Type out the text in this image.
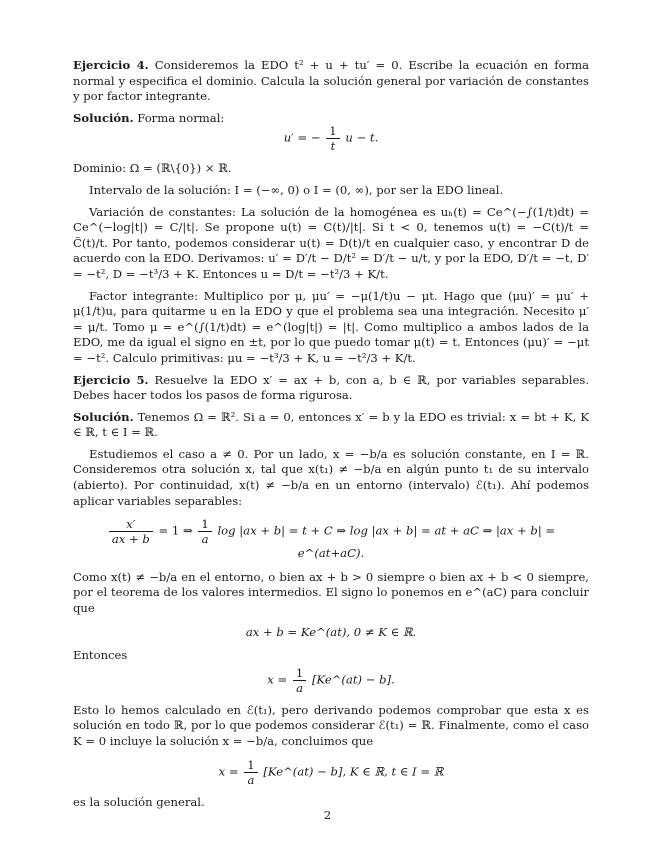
Ejercicio 4. Consideremos la EDO t² + u + tu′ = 0. Escribe la ecuación en forma normal y especifica el dominio. Calcula la solución general por variación de constantes y por factor integrante.

Solución. Forma normal:

u′ = − $\frac{1}{t}$ u − t.

Dominio: Ω = (ℝ\{0}) × ℝ.

Intervalo de la solución: I = (−∞, 0) o I = (0, ∞), por ser la EDO lineal.

Variación de constantes: La solución de la homogénea es uₕ(t) = Ce^(−∫(1/t)dt) = Ce^(−log|t|) = C/|t|. Se propone u(t) = C(t)/|t|. Si t < 0, tenemos u(t) = −C(t)/t = C̃(t)/t. Por tanto, podemos considerar u(t) = D(t)/t en cualquier caso, y encontrar D de acuerdo con la EDO. Derivamos: u′ = D′/t − D/t² = D′/t − u/t, y por la EDO, D′/t = −t, D′ = −t², D = −t³/3 + K. Entonces u = D/t = −t²/3 + K/t.

Factor integrante: Multiplico por μ, μu′ = −μ(1/t)u − μt. Hago que (μu)′ = μu′ + μ(1/t)u, para quitarme u en la EDO y que el problema sea una integración. Necesito μ′ = μ/t. Tomo μ = e^(∫(1/t)dt) = e^(log|t|) = |t|. Como multiplico a ambos lados de la EDO, me da igual el signo en ±t, por lo que puedo tomar μ(t) = t. Entonces (μu)′ = −μt = −t². Calculo primitivas: μu = −t³/3 + K, u = −t²/3 + K/t.

Ejercicio 5. Resuelve la EDO x′ = ax + b, con a, b ∈ ℝ, por variables separables. Debes hacer todos los pasos de forma rigurosa.

Solución. Tenemos Ω = ℝ². Si a = 0, entonces x′ = b y la EDO es trivial: x = bt + K, K ∈ ℝ, t ∈ I = ℝ.

Estudiemos el caso a ≠ 0. Por un lado, x = −b/a es solución constante, en I = ℝ. Consideremos otra solución x, tal que x(t₁) ≠ −b/a en algún punto t₁ de su intervalo (abierto). Por continuidad, x(t) ≠ −b/a en un entorno (intervalo) ℰ(t₁). Ahí podemos aplicar variables separables:

$\frac{x'}{ax + b} = 1$ ⇒ $\frac{1}{a}$ log |ax + b| = t + C ⇒ log |ax + b| = at + aC ⇒ |ax + b| = e^(at+aC).

Como x(t) ≠ −b/a en el entorno, o bien ax + b > 0 siempre o bien ax + b < 0 siempre, por el teorema de los valores intermedios. El signo lo ponemos en e^(aC) para concluir que

ax + b = Ke^(at), 0 ≠ K ∈ ℝ.

Entonces

$x = \frac{1}{a}$ [Ke^(at) − b].

Esto lo hemos calculado en ℰ(t₁), pero derivando podemos comprobar que esta x es solución en todo ℝ, por lo que podemos considerar ℰ(t₁) = ℝ. Finalmente, como el caso K = 0 incluye la solución x = −b/a, concluimos que

$x = \frac{1}{a}$ [Ke^(at) − b], K ∈ ℝ, t ∈ I = ℝ

es la solución general.

2
